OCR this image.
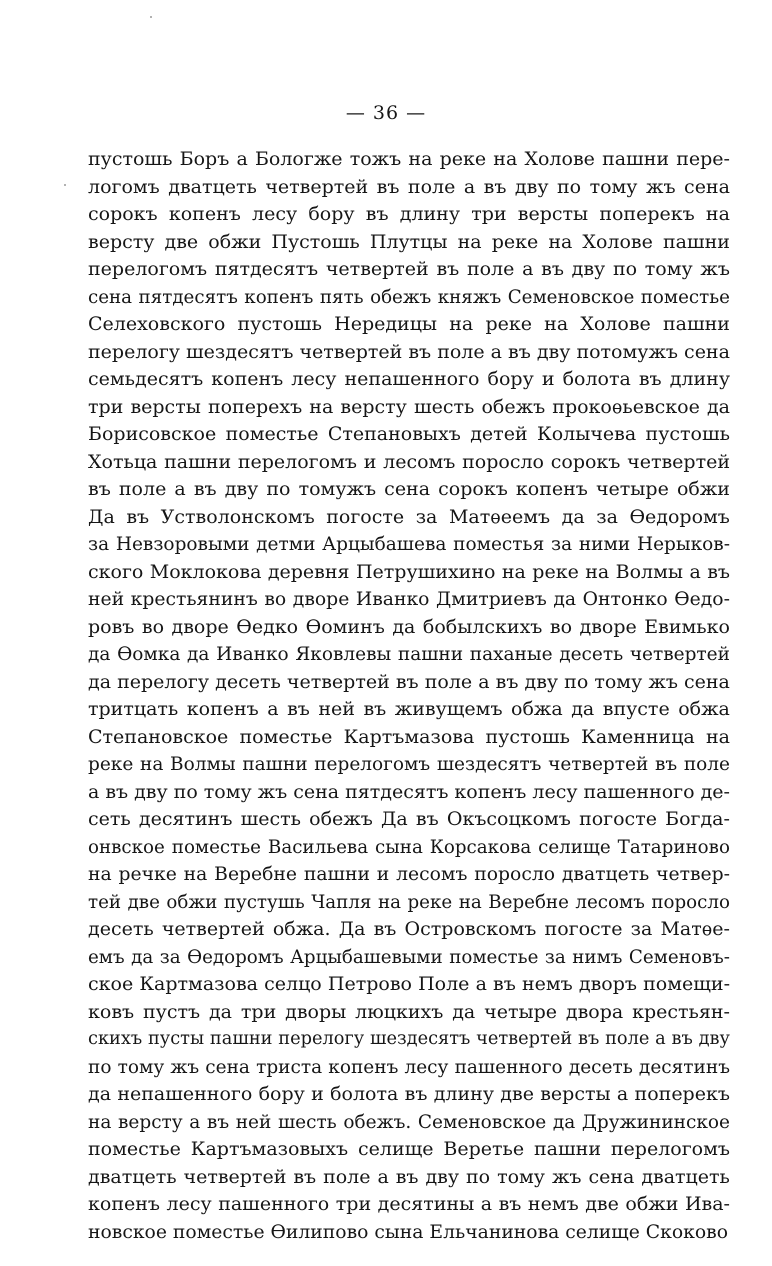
— 36 —
пустошь Боръ а Бологже тожъ на реке на Холове пашни пере-
логомъ дватцеть четвертей въ поле а въ дву по тому жъ сена
сорокъ копенъ лесу бору въ длину три версты поперекъ на
версту две обжи Пустошь Плутцы на реке на Холове пашни
перелогомъ пятдесятъ четвертей въ поле а въ дву по тому жъ
сена пятдесятъ копенъ пять обежъ княжъ Семеновское поместье
Селеховского пустошь Нередицы на реке на Холове пашни
перелогу шездесятъ четвертей въ поле а въ дву потомужъ сена
семьдесятъ копенъ лесу непашенного бору и болота въ длину
три версты поперехъ на версту шесть обежъ прокоѳьевское да
Борисовское поместье Степановыхъ детей Колычева пустошь
Хотьца пашни перелогомъ и лесомъ поросло сорокъ четвертей
въ поле а въ дву по томужъ сена сорокъ копенъ четыре обжи
Да въ Устволонскомъ погосте за Матѳеемъ да за Ѳедоромъ
за Невзоровыми детми Арцыбашева поместья за ними Нерыков-
ского Моклокова деревня Петрушихино на реке на Волмы а въ
ней крестьянинъ во дворе Иванко Дмитриевъ да Онтонко Ѳедо-
ровъ во дворе Ѳедко Ѳоминъ да бобылскихъ во дворе Евимько
да Ѳомка да Иванко Яковлевы пашни паханые десеть четвертей
да перелогу десеть четвертей въ поле а въ дву по тому жъ сена
тритцать копенъ а въ ней въ живущемъ обжа да впусте обжа
Степановское поместье Картъмазова пустошь Каменница на
реке на Волмы пашни перелогомъ шездесятъ четвертей въ поле
а въ дву по тому жъ сена пятдесятъ копенъ лесу пашенного де-
сеть десятинъ шесть обежъ Да въ Окъсоцкомъ погосте Богда-
онвское поместье Васильева сына Корсакова селище Татариново
на речке на Веребне пашни и лесомъ поросло дватцеть четвер-
тей две обжи пустушь Чапля на реке на Веребне лесомъ поросло
десеть четвертей обжа. Да въ Островскомъ погосте за Матѳе-
емъ да за Ѳедоромъ Арцыбашевыми поместье за нимъ Семеновъ-
ское Картмазова селцо Петрово Поле а въ немъ дворъ помещи-
ковъ пустъ да три дворы люцкихъ да четыре двора крестьян-
скихъ пусты пашни перелогу шездесятъ четвертей въ поле а въ дву
по тому жъ сена триста копенъ лесу пашенного десеть десятинъ
да непашенного бору и болота въ длину две версты а поперекъ
на версту а въ ней шесть обежъ. Семеновское да Дружининское
поместье Картъмазовыхъ селище Веретье пашни перелогомъ
дватцеть четвертей въ поле а въ дву по тому жъ сена дватцеть
копенъ лесу пашенного три десятины а въ немъ две обжи Ива-
новское поместье Ѳилипово сына Ельчанинова селище Скоково
